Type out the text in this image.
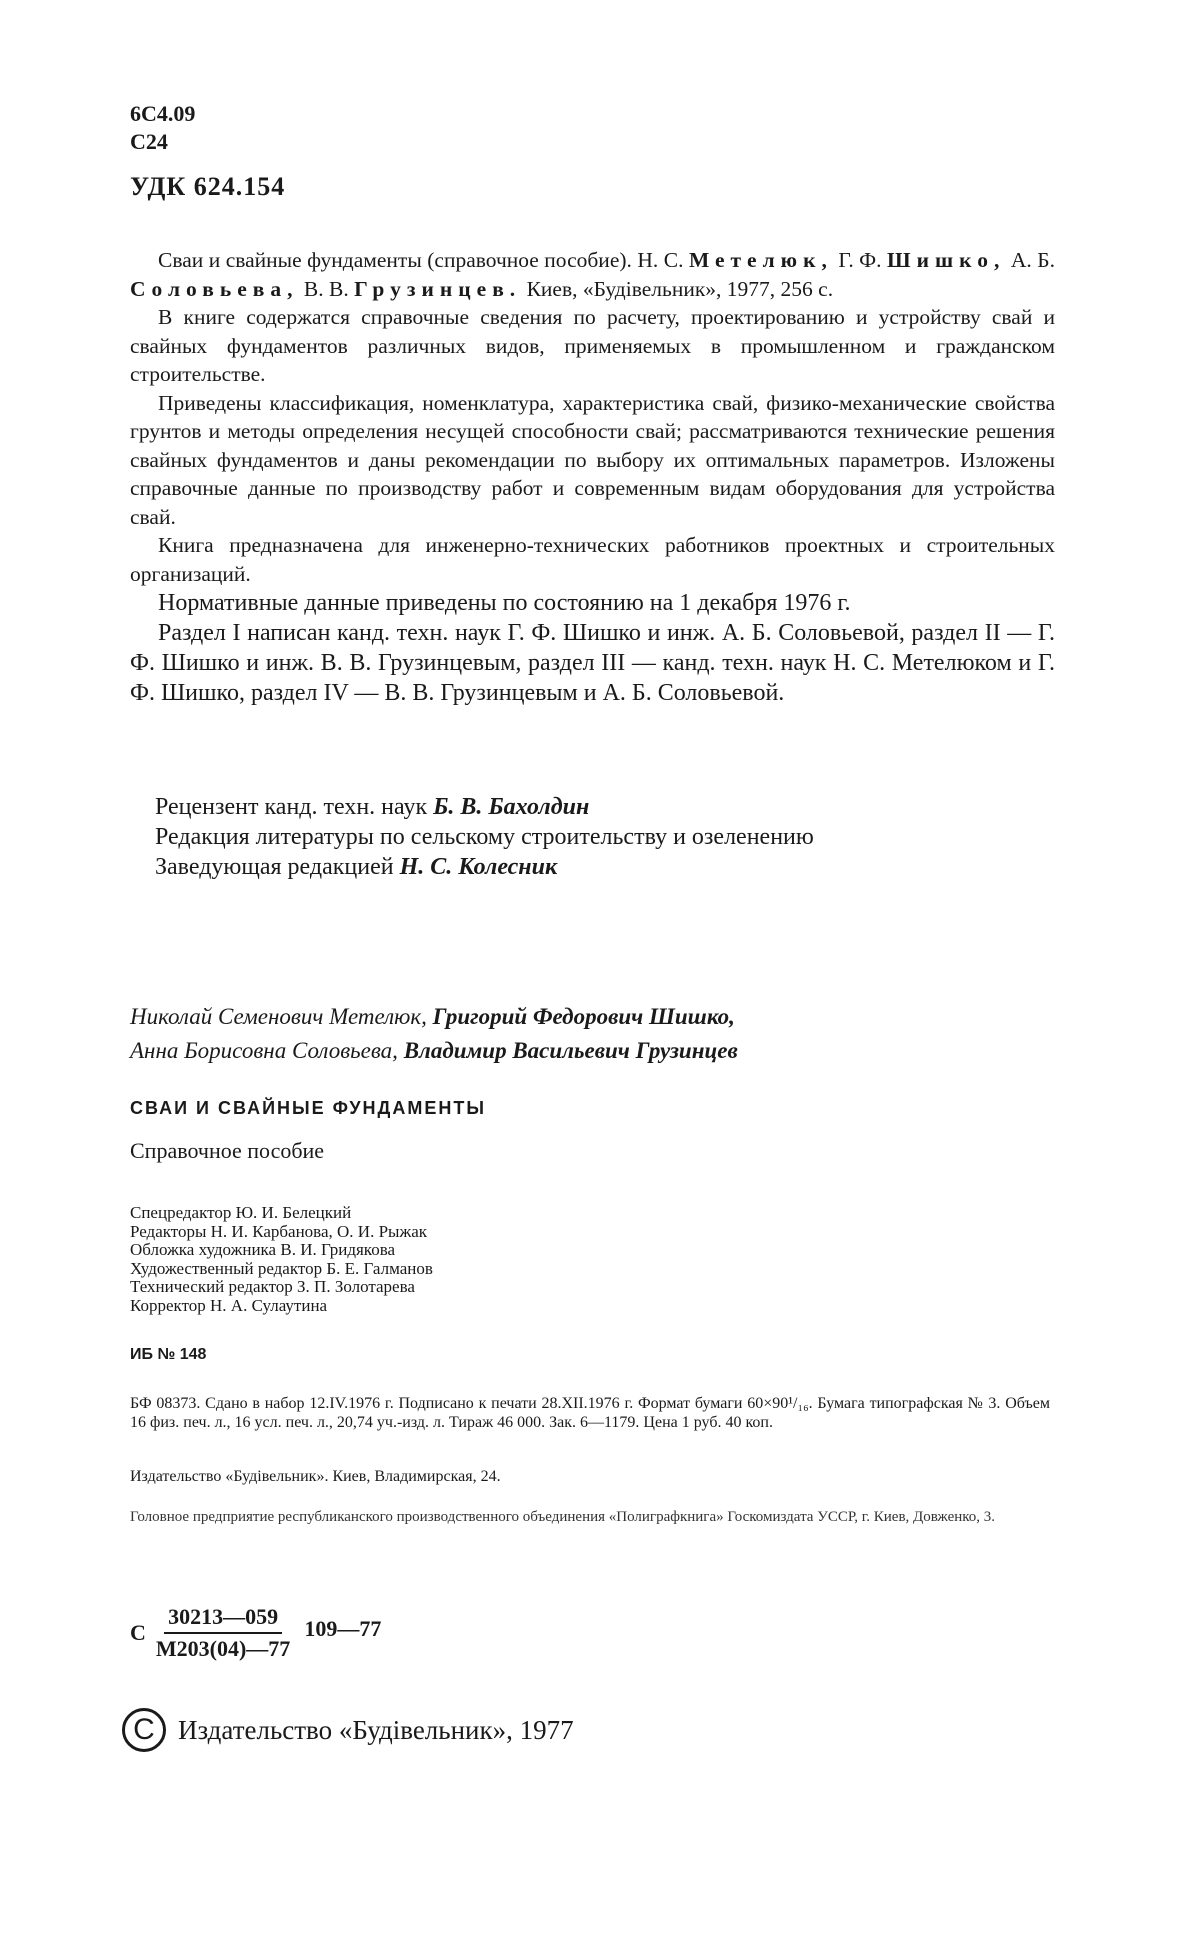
6С4.09
С24
УДК 624.154

Сваи и свайные фундаменты (справочное пособие). Н. С. Метелюк, Г. Ф. Шишко, А. Б. Соловьева, В. В. Грузинцев. Киев, «Будівельник», 1977, 256 с.

В книге содержатся справочные сведения по расчету, проектированию и устройству свай и свайных фундаментов различных видов, применяемых в промышленном и гражданском строительстве.

Приведены классификация, номенклатура, характеристика свай, физико-механические свойства грунтов и методы определения несущей способности свай; рассматриваются технические решения свайных фундаментов и даны рекомендации по выбору их оптимальных параметров. Изложены справочные данные по производству работ и современным видам оборудования для устройства свай.

Книга предназначена для инженерно-технических работников проектных и строительных организаций.

Нормативные данные приведены по состоянию на 1 декабря 1976 г.

Раздел I написан канд. техн. наук Г. Ф. Шишко и инж. А. Б. Соловьевой, раздел II — Г. Ф. Шишко и инж. В. В. Грузинцевым, раздел III — канд. техн. наук Н. С. Метелюком и Г. Ф. Шишко, раздел IV — В. В. Грузинцевым и А. Б. Соловьевой.

Рецензент канд. техн. наук Б. В. Бахолдин

Редакция литературы по сельскому строительству и озеленению

Заведующая редакцией Н. С. Колесник

Николай Семенович Метелюк, Григорий Федорович Шишко,
Анна Борисовна Соловьева, Владимир Васильевич Грузинцев
СВАИ И СВАЙНЫЕ ФУНДАМЕНТЫ
Справочное пособие
Спецредактор Ю. И. Белецкий
Редакторы Н. И. Карбанова, О. И. Рыжак
Обложка художника В. И. Гридякова
Художественный редактор Б. Е. Галманов
Технический редактор З. П. Золотарева
Корректор Н. А. Сулаутина
ИБ № 148

БФ 08373. Сдано в набор 12.IV.1976 г. Подписано к печати 28.XII.1976 г. Формат бумаги 60×90¹/₁₆. Бумага типографская № 3. Объем 16 физ. печ. л., 16 усл. печ. л., 20,74 уч.-изд. л. Тираж 46 000. Зак. 6—1179. Цена 1 руб. 40 коп.

Издательство «Будівельник». Киев, Владимирская, 24.
Головное предприятие республиканского производственного объединения «Полиграфкнига» Госкомиздата УССР, г. Киев, Довженко, 3.
С $\frac{30213—059}{М203(04)—77}$ 109—77
C Издательство «Будівельник», 1977
